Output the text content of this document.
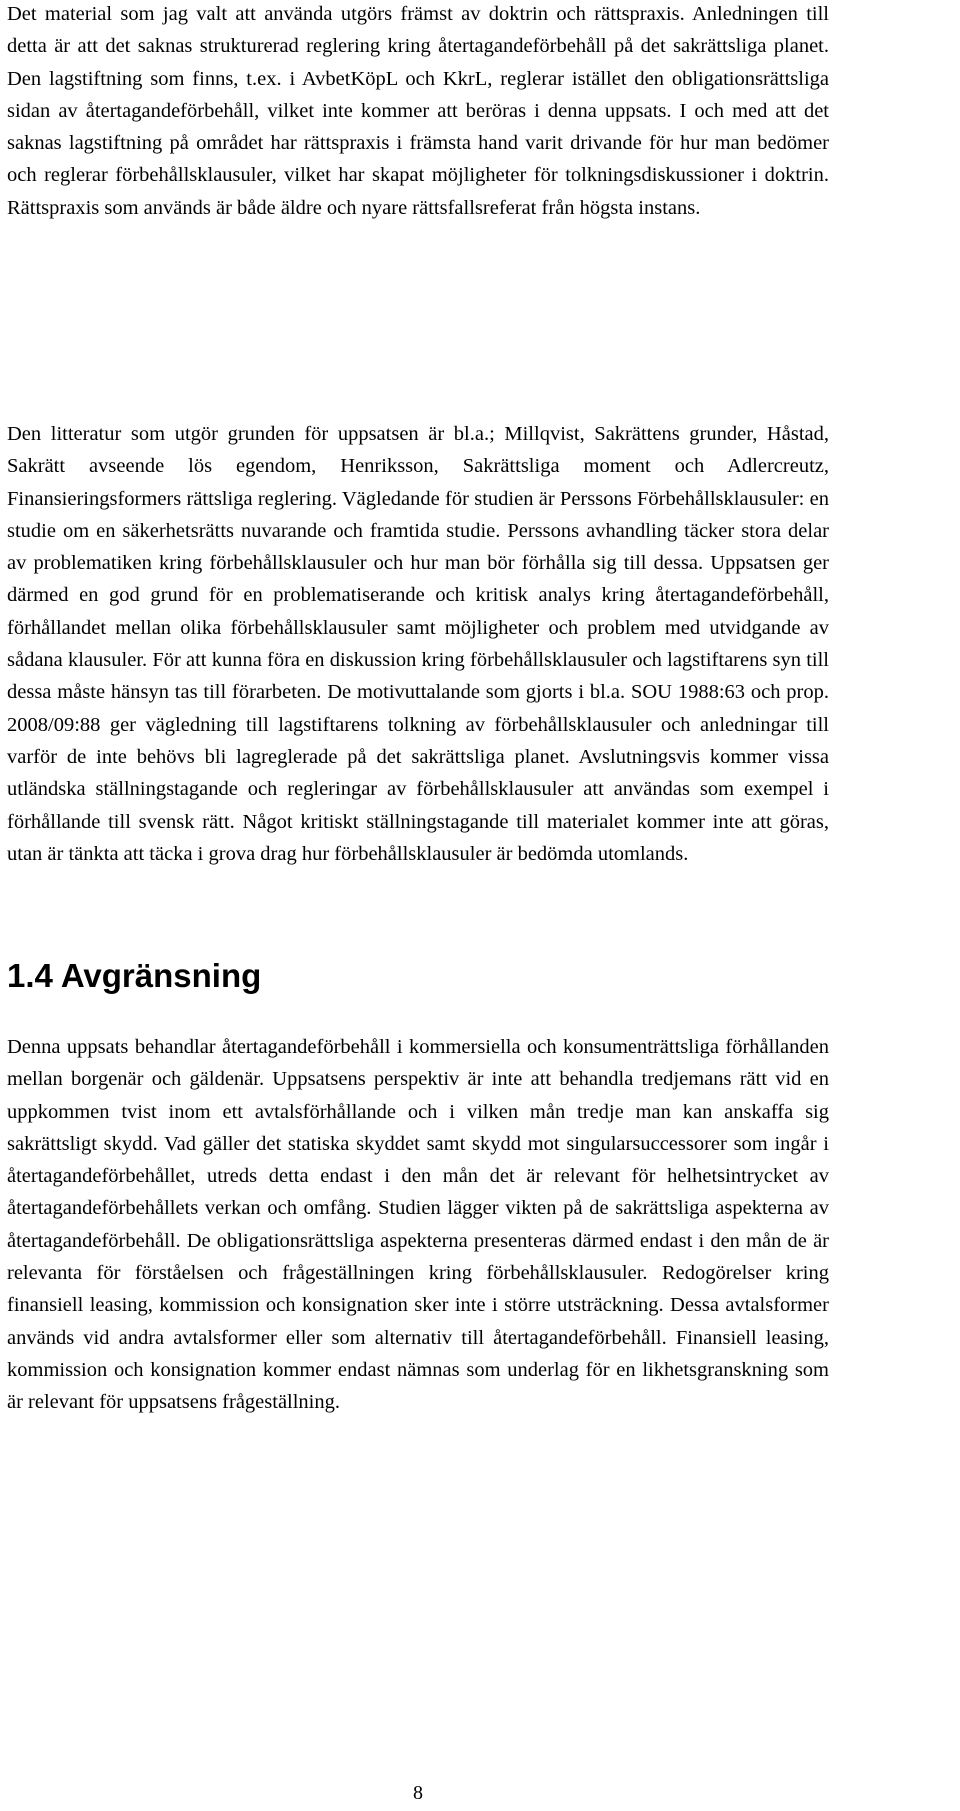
Det material som jag valt att använda utgörs främst av doktrin och rättspraxis. Anledningen till detta är att det saknas strukturerad reglering kring återtagandeförbehåll på det sakrättsliga planet. Den lagstiftning som finns, t.ex. i AvbetKöpL och KkrL, reglerar istället den obligationsrättsliga sidan av återtagandeförbehåll, vilket inte kommer att beröras i denna uppsats. I och med att det saknas lagstiftning på området har rättspraxis i främsta hand varit drivande för hur man bedömer och reglerar förbehållsklausuler, vilket har skapat möjligheter för tolkningsdiskussioner i doktrin. Rättspraxis som används är både äldre och nyare rättsfallsreferat från högsta instans.

Den litteratur som utgör grunden för uppsatsen är bl.a.; Millqvist, Sakrättens grunder, Håstad, Sakrätt avseende lös egendom, Henriksson, Sakrättsliga moment och Adlercreutz, Finansieringsformers rättsliga reglering. Vägledande för studien är Perssons Förbehållsklausuler: en studie om en säkerhetsrätts nuvarande och framtida studie. Perssons avhandling täcker stora delar av problematiken kring förbehållsklausuler och hur man bör förhålla sig till dessa. Uppsatsen ger därmed en god grund för en problematiserande och kritisk analys kring återtagandeförbehåll, förhållandet mellan olika förbehållsklausuler samt möjligheter och problem med utvidgande av sådana klausuler. För att kunna föra en diskussion kring förbehållsklausuler och lagstiftarens syn till dessa måste hänsyn tas till förarbeten. De motivuttalande som gjorts i bl.a. SOU 1988:63 och prop. 2008/09:88 ger vägledning till lagstiftarens tolkning av förbehållsklausuler och anledningar till varför de inte behövs bli lagreglerade på det sakrättsliga planet. Avslutningsvis kommer vissa utländska ställningstagande och regleringar av förbehållsklausuler att användas som exempel i förhållande till svensk rätt. Något kritiskt ställningstagande till materialet kommer inte att göras, utan är tänkta att täcka i grova drag hur förbehållsklausuler är bedömda utomlands.

1.4 Avgränsning

Denna uppsats behandlar återtagandeförbehåll i kommersiella och konsumenträttsliga förhållanden mellan borgenär och gäldenär. Uppsatsens perspektiv är inte att behandla tredjemans rätt vid en uppkommen tvist inom ett avtalsförhållande och i vilken mån tredje man kan anskaffa sig sakrättsligt skydd. Vad gäller det statiska skyddet samt skydd mot singularsuccessorer som ingår i återtagandeförbehållet, utreds detta endast i den mån det är relevant för helhetsintrycket av återtagandeförbehållets verkan och omfång. Studien lägger vikten på de sakrättsliga aspekterna av återtagandeförbehåll. De obligationsrättsliga aspekterna presenteras därmed endast i den mån de är relevanta för förståelsen och frågeställningen kring förbehållsklausuler. Redogörelser kring finansiell leasing, kommission och konsignation sker inte i större utsträckning. Dessa avtalsformer används vid andra avtalsformer eller som alternativ till återtagandeförbehåll. Finansiell leasing, kommission och konsignation kommer endast nämnas som underlag för en likhetsgranskning som är relevant för uppsatsens frågeställning.

8
